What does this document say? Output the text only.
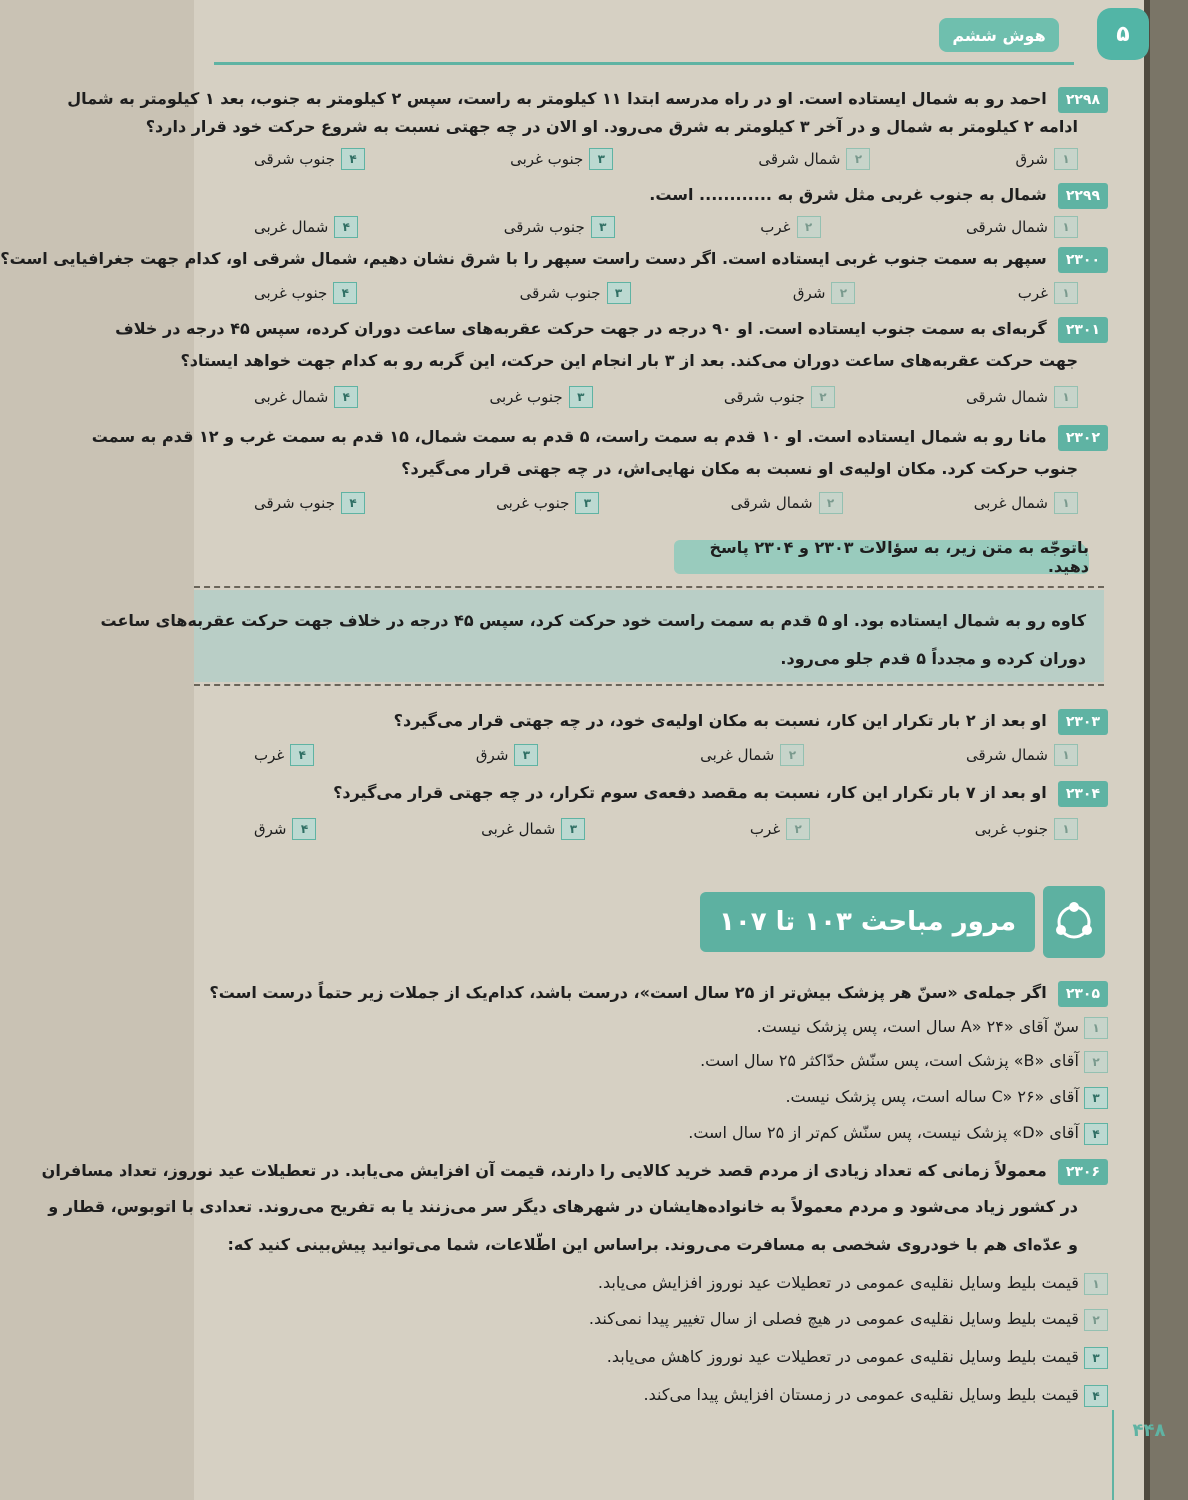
۵
هوش ششم
۲۲۹۸ احمد رو به شمال ایستاده است. او در راه مدرسه ابتدا ۱۱ کیلومتر به راست، سپس ۲ کیلومتر به جنوب، بعد ۱ کیلومتر به شمال
ادامه ۲ کیلومتر به شمال و در آخر ۳ کیلومتر به شرق می‌رود. او الان در چه جهتی نسبت به شروع حرکت خود قرار دارد؟
۱
شرق
۲
شمال شرقی
۳
جنوب غربی
۴
جنوب شرقی
۲۲۹۹ شمال به جنوب غربی مثل شرق به ............ است.
۱
شمال شرقی
۲
غرب
۳
جنوب شرقی
۴
شمال غربی
۲۳۰۰ سپهر به سمت جنوب غربی ایستاده است. اگر دست راست سپهر را با شرق نشان دهیم، شمال شرقی او، کدام جهت جغرافیایی است؟
۱
غرب
۲
شرق
۳
جنوب شرقی
۴
جنوب غربی
۲۳۰۱ گربه‌ای به سمت جنوب ایستاده است. او ۹۰ درجه در جهت حرکت عقربه‌های ساعت دوران کرده، سپس ۴۵ درجه در خلاف
جهت حرکت عقربه‌های ساعت دوران می‌کند. بعد از ۳ بار انجام این حرکت، این گربه رو به کدام جهت خواهد ایستاد؟
۱
شمال شرقی
۲
جنوب شرقی
۳
جنوب غربی
۴
شمال غربی
۲۳۰۲ مانا رو به شمال ایستاده است. او ۱۰ قدم به سمت راست، ۵ قدم به سمت شمال، ۱۵ قدم به سمت غرب و ۱۲ قدم به سمت
جنوب حرکت کرد. مکان اولیه‌ی او نسبت به مکان نهایی‌اش، در چه جهتی قرار می‌گیرد؟
۱
شمال غربی
۲
شمال شرقی
۳
جنوب غربی
۴
جنوب شرقی
باتوجّه به متن زیر، به سؤالات ۲۳۰۳ و ۲۳۰۴ پاسخ دهید.
کاوه رو به شمال ایستاده بود. او ۵ قدم به سمت راست خود حرکت کرد، سپس ۴۵ درجه در خلاف جهت حرکت عقربه‌های ساعت
دوران کرده و مجدداً ۵ قدم جلو می‌رود.
۲۳۰۳ او بعد از ۲ بار تکرار این کار، نسبت به مکان اولیه‌ی خود، در چه جهتی قرار می‌گیرد؟
۱
شمال شرقی
۲
شمال غربی
۳
شرق
۴
غرب
۲۳۰۴ او بعد از ۷ بار تکرار این کار، نسبت به مقصد دفعه‌ی سوم تکرار، در چه جهتی قرار می‌گیرد؟
۱
جنوب غربی
۲
غرب
۳
شمال غربی
۴
شرق
مرور مباحث ۱۰۳ تا ۱۰۷
۲۳۰۵ اگر جمله‌ی «سنّ هر پزشک بیش‌تر از ۲۵ سال است»، درست باشد، کدام‌یک از جملات زیر حتماً درست است؟
۱ سنّ آقای «A» ۲۴ سال است، پس پزشک نیست.
۲ آقای «B» پزشک است، پس سنّش حدّاکثر ۲۵ سال است.
۳ آقای «C» ۲۶ ساله است، پس پزشک نیست.
۴ آقای «D» پزشک نیست، پس سنّش کم‌تر از ۲۵ سال است.
۲۳۰۶ معمولاً زمانی که تعداد زیادی از مردم قصد خرید کالایی را دارند، قیمت آن افزایش می‌یابد. در تعطیلات عید نوروز، تعداد مسافران
در کشور زیاد می‌شود و مردم معمولاً به خانواده‌هایشان در شهرهای دیگر سر می‌زنند یا به تفریح می‌روند. تعدادی با اتوبوس، قطار و
و عدّه‌ای هم با خودروی شخصی به مسافرت می‌روند. براساس این اطّلاعات، شما می‌توانید پیش‌بینی کنید که:
۱ قیمت بلیط وسایل نقلیه‌ی عمومی در تعطیلات عید نوروز افزایش می‌یابد.
۲ قیمت بلیط وسایل نقلیه‌ی عمومی در هیچ فصلی از سال تغییر پیدا نمی‌کند.
۳ قیمت بلیط وسایل نقلیه‌ی عمومی در تعطیلات عید نوروز کاهش می‌یابد.
۴ قیمت بلیط وسایل نقلیه‌ی عمومی در زمستان افزایش پیدا می‌کند.
۴۴۸
